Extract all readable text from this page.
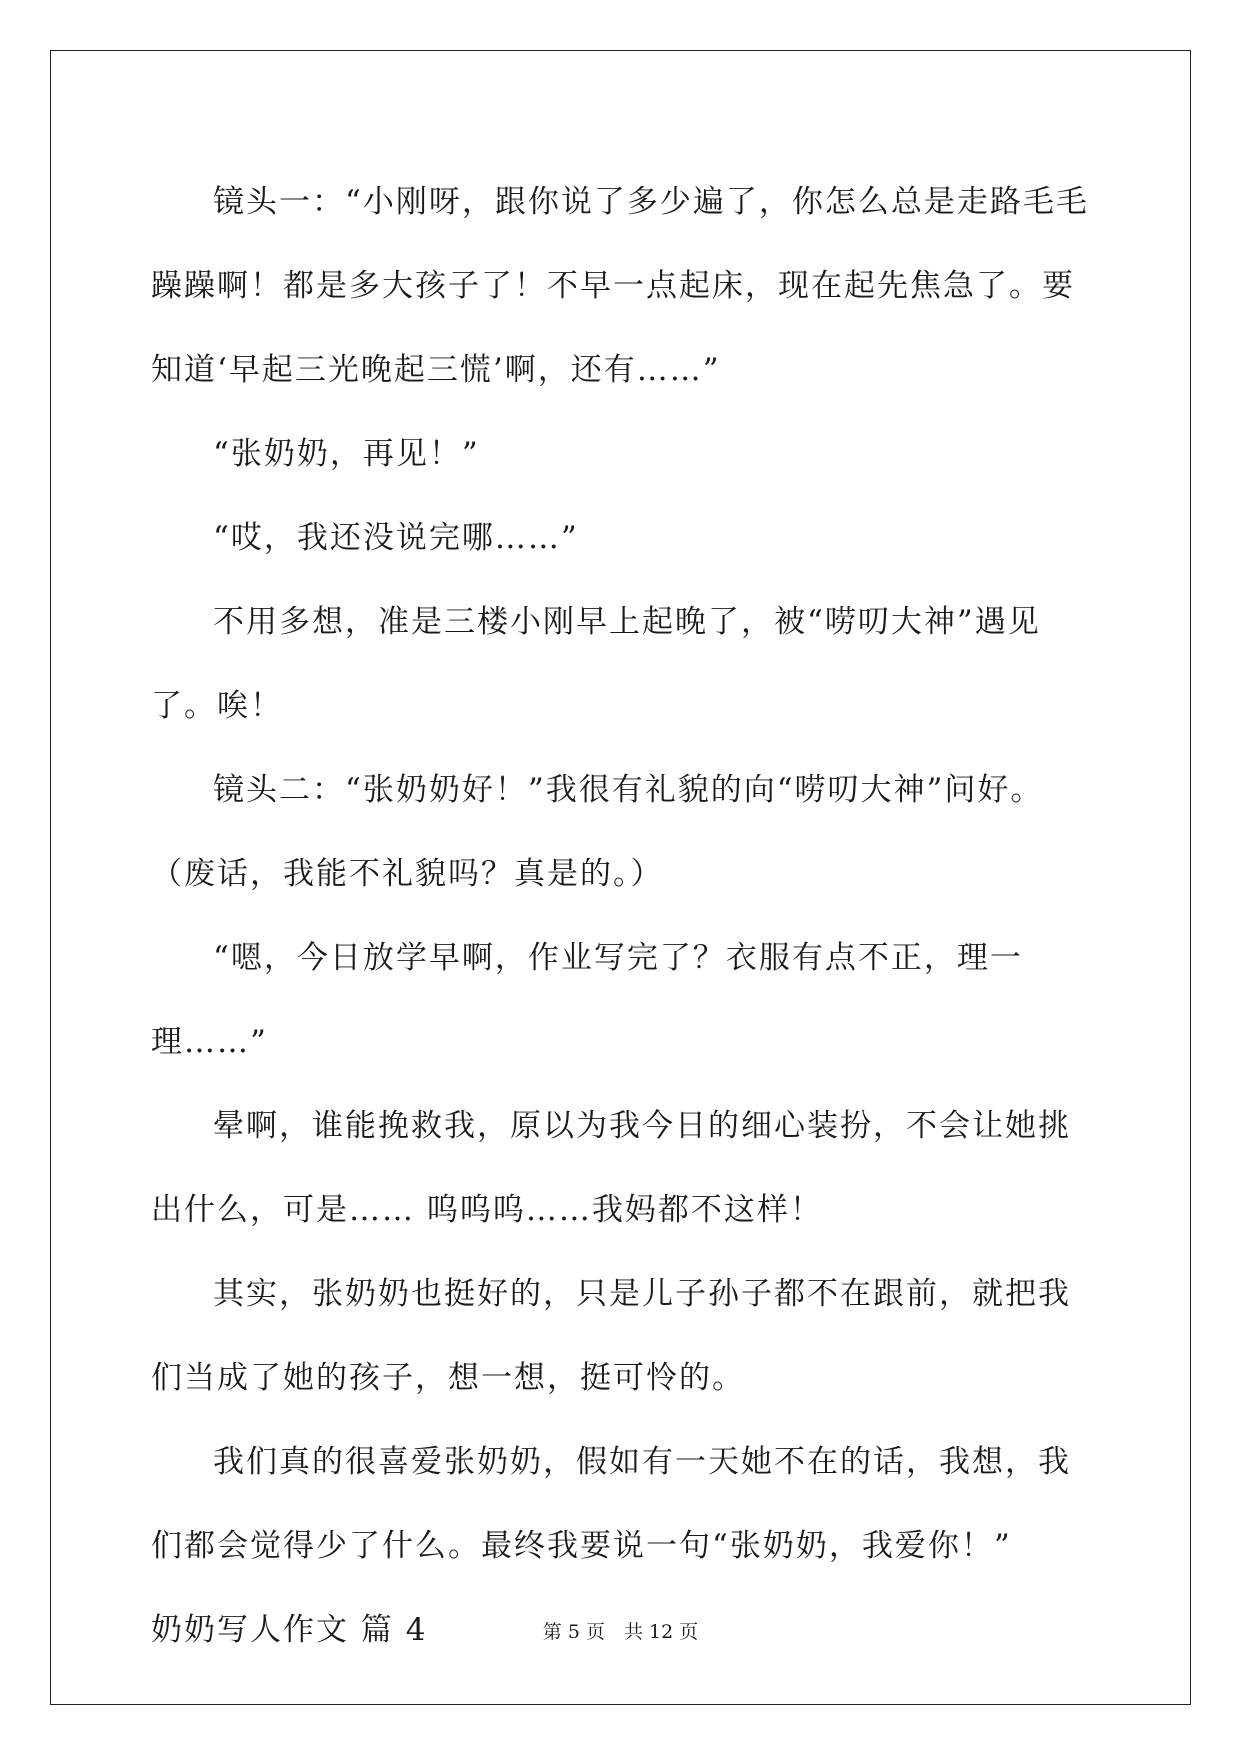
镜头一：“小刚呀，跟你说了多少遍了，你怎么总是走路毛毛躁躁啊！都是多大孩子了！不早一点起床，现在起先焦急了。要知道‘早起三光晚起三慌’啊，还有……”

“张奶奶，再见！”

“哎，我还没说完哪……”

不用多想，准是三楼小刚早上起晚了，被“唠叨大神”遇见了。唉！

镜头二：“张奶奶好！”我很有礼貌的向“唠叨大神”问好。（废话，我能不礼貌吗？真是的。）

“嗯，今日放学早啊，作业写完了？衣服有点不正，理一理……”

晕啊，谁能挽救我，原以为我今日的细心装扮，不会让她挑出什么，可是…… 呜呜呜……我妈都不这样！

其实，张奶奶也挺好的，只是儿子孙子都不在跟前，就把我们当成了她的孩子，想一想，挺可怜的。

我们真的很喜爱张奶奶，假如有一天她不在的话，我想，我们都会觉得少了什么。最终我要说一句“张奶奶，我爱你！”

奶奶写人作文 篇 4	第 5 页　共 12 页
